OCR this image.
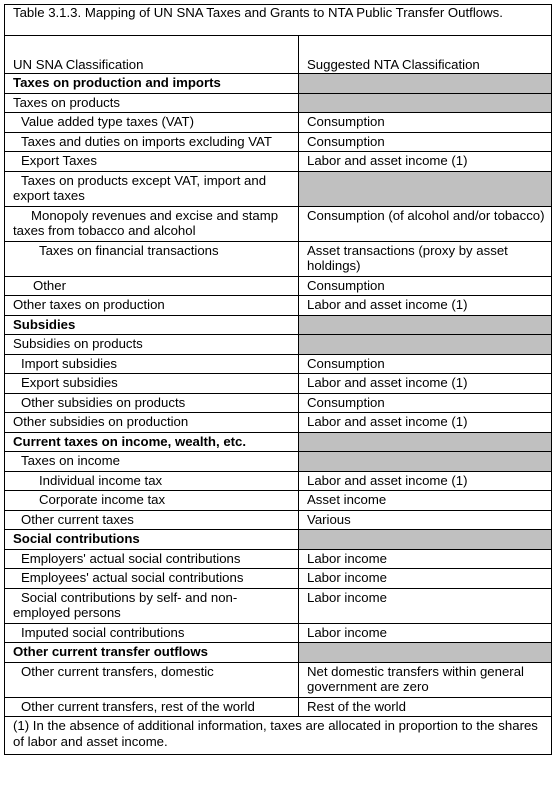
Table 3.1.3. Mapping of UN SNA Taxes and Grants to NTA Public Transfer Outflows.	
UN SNA Classification	Suggested NTA Classification
Taxes on production and imports	
Taxes on products	
Value added type taxes (VAT)	Consumption
Taxes and duties on imports excluding VAT	Consumption
Export Taxes	Labor and asset income (1)
Taxes on products except VAT, import and export taxes	
Monopoly revenues and excise and stamp taxes from tobacco and alcohol	Consumption (of alcohol and/or tobacco)
Taxes on financial transactions	Asset transactions (proxy by asset holdings)
Other	Consumption
Other taxes on production	Labor and asset income (1)
Subsidies	
Subsidies on products	
Import subsidies	Consumption
Export subsidies	Labor and asset income (1)
Other subsidies on products	Consumption
Other subsidies on production	Labor and asset income (1)
Current taxes on income, wealth, etc.	
Taxes on income	
Individual income tax	Labor and asset income (1)
Corporate income tax	Asset income
Other current taxes	Various
Social contributions	
Employers' actual social contributions	Labor income
Employees' actual social contributions	Labor income
Social contributions by self- and non-employed persons	Labor income
Imputed social contributions	Labor income
Other current transfer outflows	
Other current transfers, domestic	Net domestic transfers within general government are zero
Other current transfers, rest of the world	Rest of the world
(1) In the absence of additional information, taxes are allocated in proportion to the shares of labor and asset income.	
